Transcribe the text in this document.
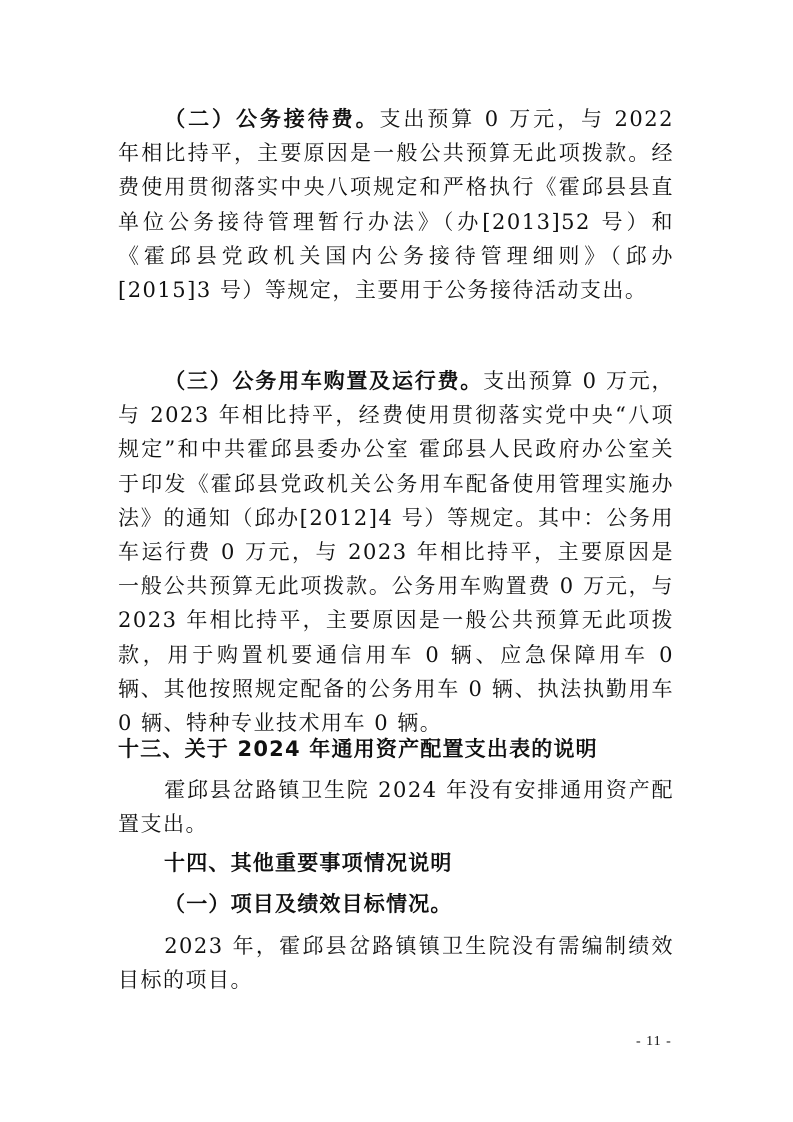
（二）公务接待费。支出预算 0 万元，与 2022 年相比持平，主要原因是一般公共预算无此项拨款。经费使用贯彻落实中央八项规定和严格执行《霍邱县县直单位公务接待管理暂行办法》（办[2013]52 号）和《霍邱县党政机关国内公务接待管理细则》（邱办[2015]3 号）等规定，主要用于公务接待活动支出。

（三）公务用车购置及运行费。支出预算 0 万元，与 2023 年相比持平，经费使用贯彻落实党中央“八项规定”和中共霍邱县委办公室 霍邱县人民政府办公室关于印发《霍邱县党政机关公务用车配备使用管理实施办法》的通知（邱办[2012]4 号）等规定。其中：公务用车运行费 0 万元，与 2023 年相比持平，主要原因是一般公共预算无此项拨款。公务用车购置费 0 万元，与 2023 年相比持平，主要原因是一般公共预算无此项拨款，用于购置机要通信用车 0 辆、应急保障用车 0 辆、其他按照规定配备的公务用车 0 辆、执法执勤用车 0 辆、特种专业技术用车 0 辆。

十三、关于 2024 年通用资产配置支出表的说明

霍邱县岔路镇卫生院 2024 年没有安排通用资产配置支出。

十四、其他重要事项情况说明
（一）项目及绩效目标情况。

2023 年，霍邱县岔路镇镇卫生院没有需编制绩效目标的项目。

- 11 -
